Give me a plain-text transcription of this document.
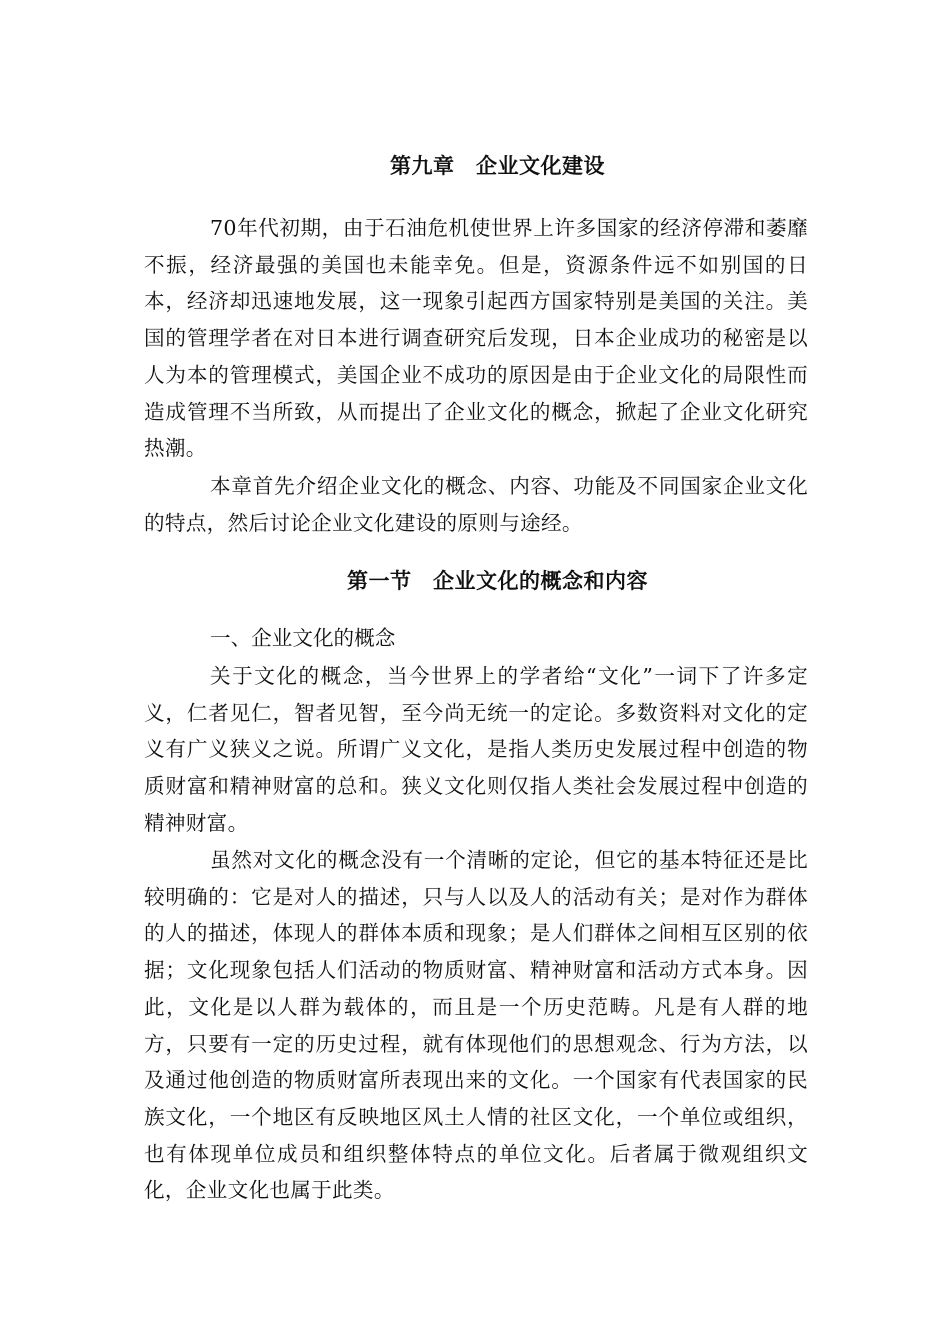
第九章　企业文化建设

70年代初期，由于石油危机使世界上许多国家的经济停滞和萎靡不振，经济最强的美国也未能幸免。但是，资源条件远不如别国的日本，经济却迅速地发展，这一现象引起西方国家特别是美国的关注。美国的管理学者在对日本进行调查研究后发现，日本企业成功的秘密是以人为本的管理模式，美国企业不成功的原因是由于企业文化的局限性而造成管理不当所致，从而提出了企业文化的概念，掀起了企业文化研究热潮。

本章首先介绍企业文化的概念、内容、功能及不同国家企业文化的特点，然后讨论企业文化建设的原则与途经。

第一节　企业文化的概念和内容

一、企业文化的概念

关于文化的概念，当今世界上的学者给“文化”一词下了许多定义，仁者见仁，智者见智，至今尚无统一的定论。多数资料对文化的定义有广义狭义之说。所谓广义文化，是指人类历史发展过程中创造的物质财富和精神财富的总和。狭义文化则仅指人类社会发展过程中创造的精神财富。

虽然对文化的概念没有一个清晰的定论，但它的基本特征还是比较明确的：它是对人的描述，只与人以及人的活动有关；是对作为群体的人的描述，体现人的群体本质和现象；是人们群体之间相互区别的依据；文化现象包括人们活动的物质财富、精神财富和活动方式本身。因此，文化是以人群为载体的，而且是一个历史范畴。凡是有人群的地方，只要有一定的历史过程，就有体现他们的思想观念、行为方法，以及通过他创造的物质财富所表现出来的文化。一个国家有代表国家的民族文化，一个地区有反映地区风土人情的社区文化，一个单位或组织，也有体现单位成员和组织整体特点的单位文化。后者属于微观组织文化，企业文化也属于此类。
